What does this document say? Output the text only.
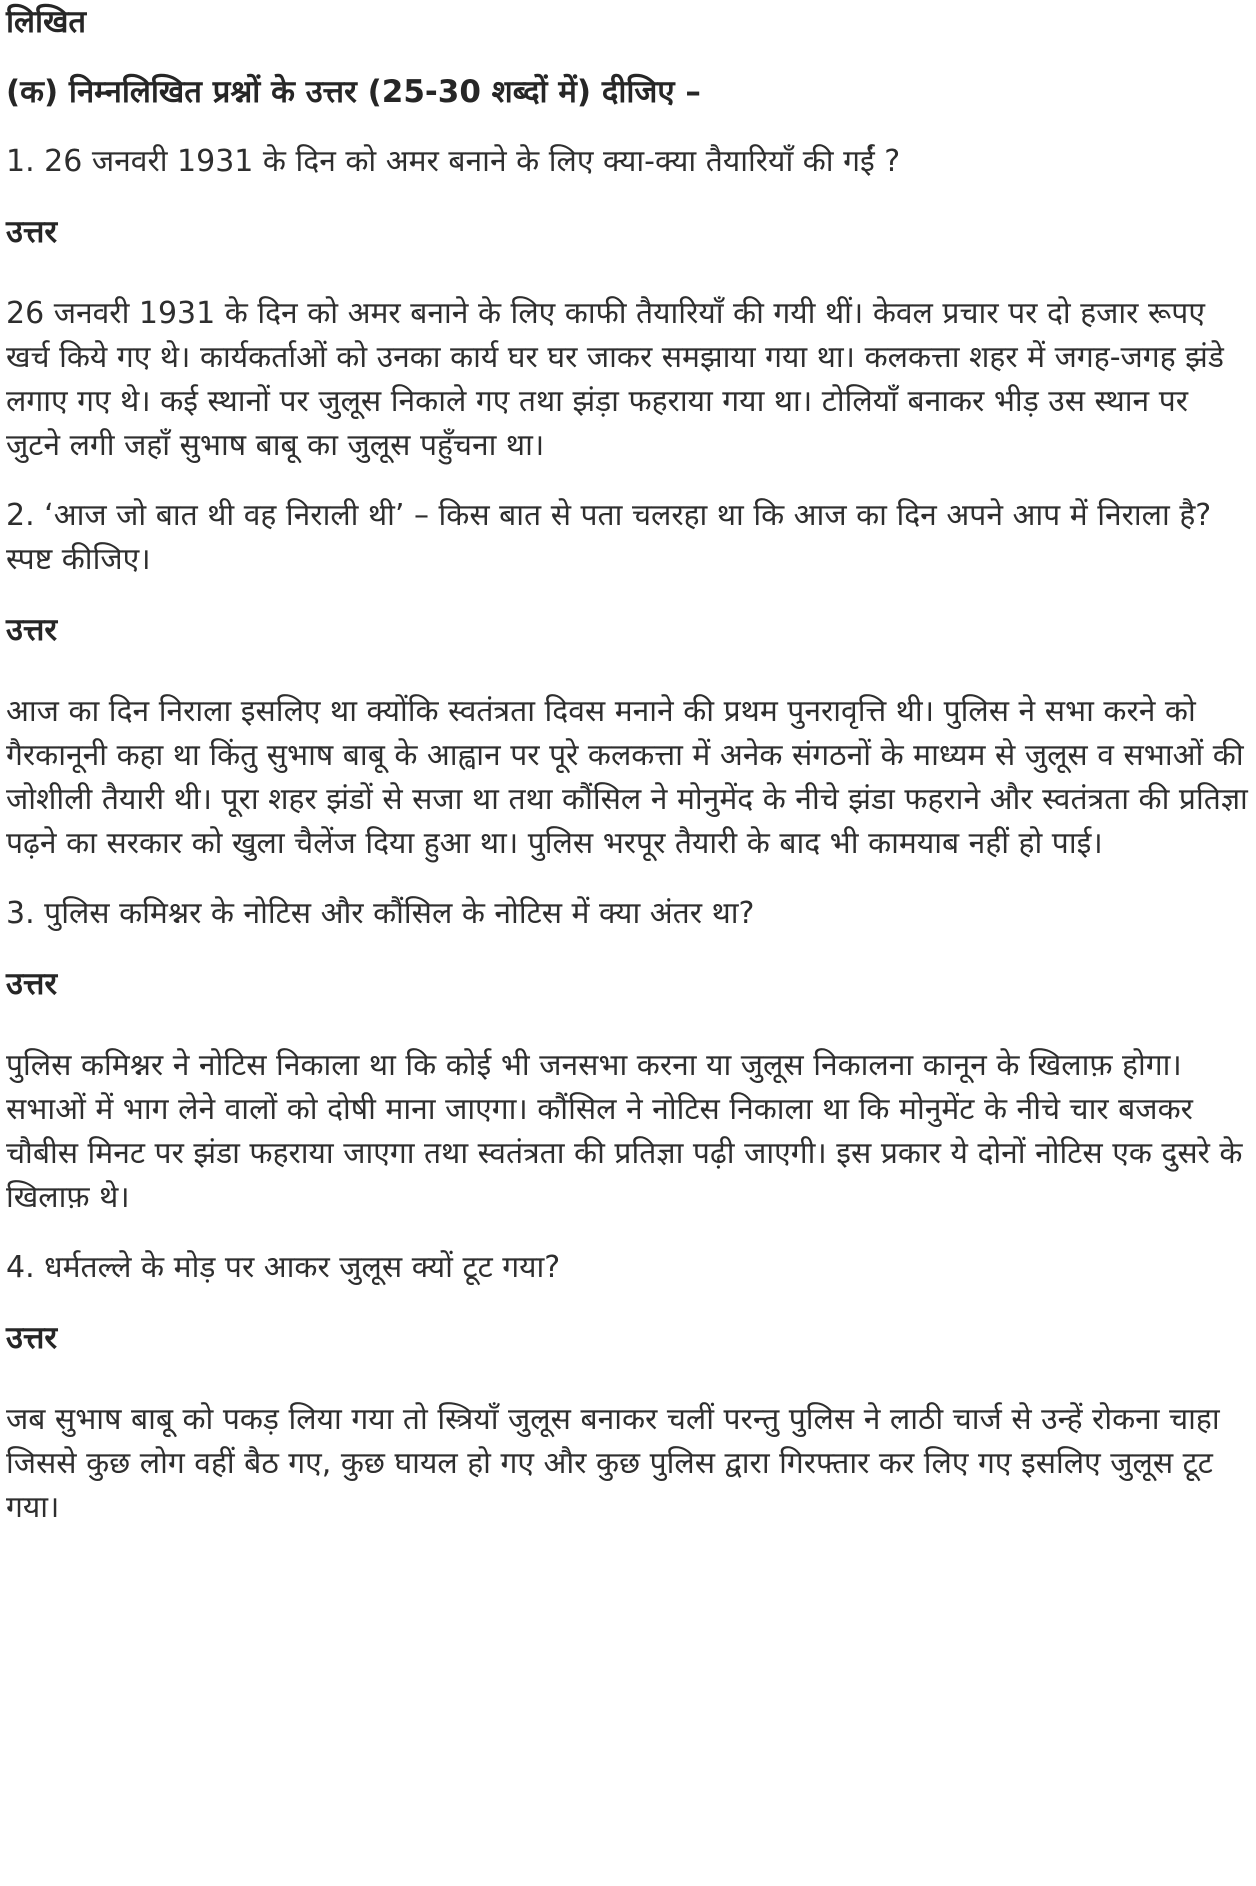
लिखित

(क) निम्नलिखित प्रश्नों के उत्तर (25-30 शब्दों में) दीजिए –

1. 26 जनवरी 1931 के दिन को अमर बनाने के लिए क्या-क्या तैयारियाँ की गईं ?

उत्तर

26 जनवरी 1931 के दिन को अमर बनाने के लिए काफी तैयारियाँ की गयी थीं। केवल प्रचार पर दो हजार रूपए खर्च किये गए थे। कार्यकर्ताओं को उनका कार्य घर घर जाकर समझाया गया था। कलकत्ता शहर में जगह-जगह झंडे लगाए गए थे। कई स्थानों पर जुलूस निकाले गए तथा झंड़ा फहराया गया था। टोलियाँ बनाकर भीड़ उस स्थान पर जुटने लगी जहाँ सुभाष बाबू का जुलूस पहुँचना था।

2. ‘आज जो बात थी वह निराली थी’ – किस बात से पता चलरहा था कि आज का दिन अपने आप में निराला है? स्पष्ट कीजिए।

उत्तर

आज का दिन निराला इसलिए था क्योंकि स्वतंत्रता दिवस मनाने की प्रथम पुनरावृत्ति थी। पुलिस ने सभा करने को गैरकानूनी कहा था किंतु सुभाष बाबू के आह्वान पर पूरे कलकत्ता में अनेक संगठनों के माध्यम से जुलूस व सभाओं की जोशीली तैयारी थी। पूरा शहर झंडों से सजा था तथा कौंसिल ने मोनुमेंद के नीचे झंडा फहराने और स्वतंत्रता की प्रतिज्ञा पढ़ने का सरकार को खुला चैलेंज दिया हुआ था। पुलिस भरपूर तैयारी के बाद भी कामयाब नहीं हो पाई।

3. पुलिस कमिश्नर के नोटिस और कौंसिल के नोटिस में क्या अंतर था?

उत्तर

पुलिस कमिश्नर ने नोटिस निकाला था कि कोई भी जनसभा करना या जुलूस निकालना कानून के खिलाफ़ होगा। सभाओं में भाग लेने वालों को दोषी माना जाएगा। कौंसिल ने नोटिस निकाला था कि मोनुमेंट के नीचे चार बजकर चौबीस मिनट पर झंडा फहराया जाएगा तथा स्वतंत्रता की प्रतिज्ञा पढ़ी जाएगी। इस प्रकार ये दोनों नोटिस एक दुसरे के खिलाफ़ थे।

4. धर्मतल्ले के मोड़ पर आकर जुलूस क्यों टूट गया?

उत्तर

जब सुभाष बाबू को पकड़ लिया गया तो स्त्रियाँ जुलूस बनाकर चलीं परन्तु पुलिस ने लाठी चार्ज से उन्हें रोकना चाहा जिससे कुछ लोग वहीं बैठ गए, कुछ घायल हो गए और कुछ पुलिस द्वारा गिरफ्तार कर लिए गए इसलिए जुलूस टूट गया।
